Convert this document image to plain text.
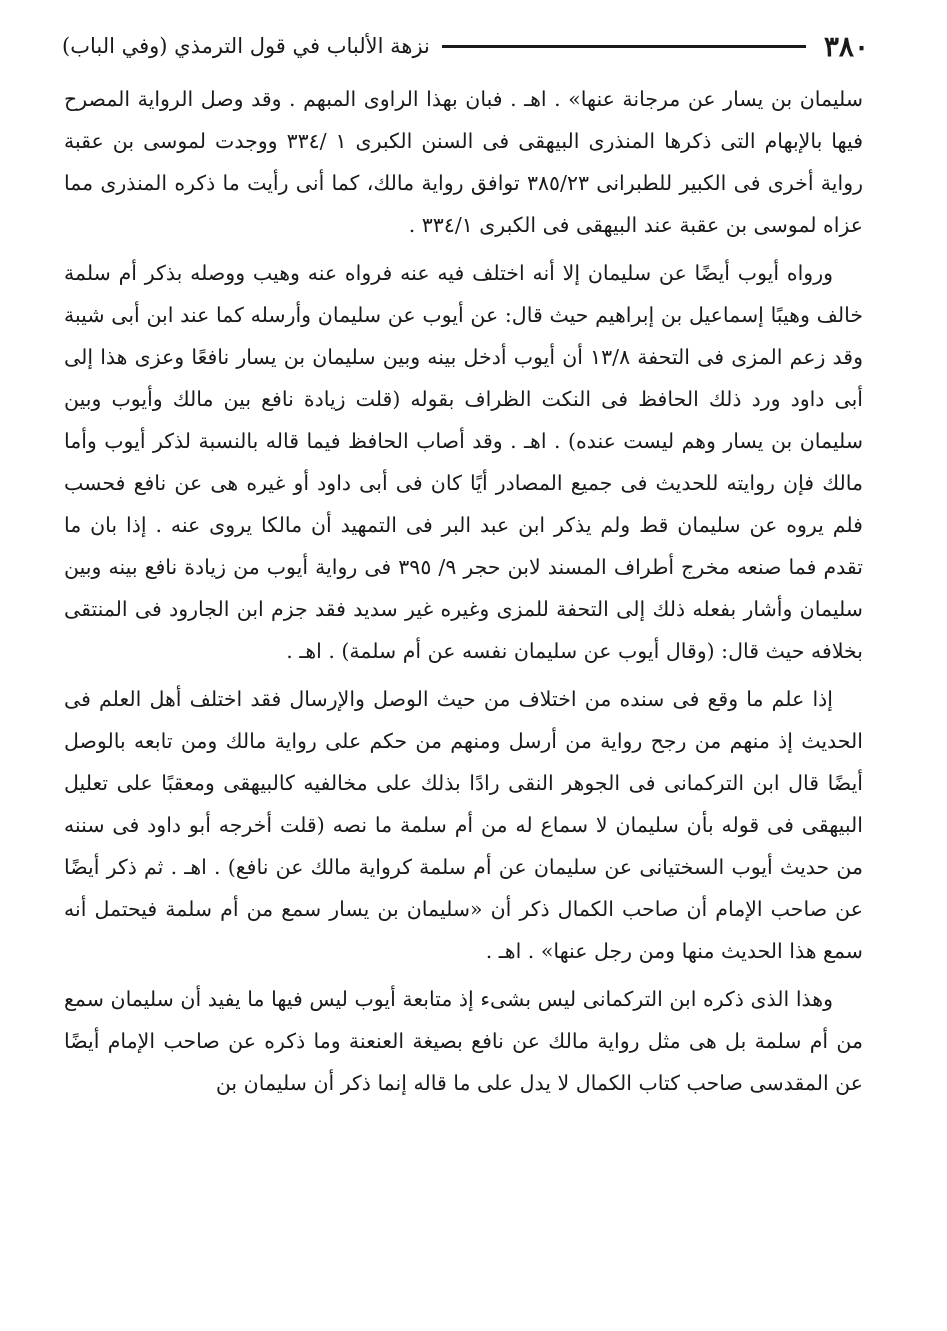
٣٨٠
نزهة الألباب في قول الترمذي (وفي الباب)

سليمان بن يسار عن مرجانة عنها» . اهـ . فبان بهذا الراوى المبهم . وقد وصل الرواية المصرح فيها بالإبهام التى ذكرها المنذرى البيهقى فى السنن الكبرى ١ /٣٣٤ ووجدت لموسى بن عقبة رواية أخرى فى الكبير للطبرانى ٣٨٥/٢٣ توافق رواية مالك، كما أنى رأيت ما ذكره المنذرى مما عزاه لموسى بن عقبة عند البيهقى فى الكبرى ٣٣٤/١ .

ورواه أيوب أيضًا عن سليمان إلا أنه اختلف فيه عنه فرواه عنه وهيب ووصله بذكر أم سلمة خالف وهيبًا إسماعيل بن إبراهيم حيث قال: عن أيوب عن سليمان وأرسله كما عند ابن أبى شيبة وقد زعم المزى فى التحفة ١٣/٨ أن أيوب أدخل بينه وبين سليمان بن يسار نافعًا وعزى هذا إلى أبى داود ورد ذلك الحافظ فى النكت الظراف بقوله (قلت زيادة نافع بين مالك وأيوب وبين سليمان بن يسار وهم ليست عنده) . اهـ . وقد أصاب الحافظ فيما قاله بالنسبة لذكر أيوب وأما مالك فإن روايته للحديث فى جميع المصادر أيًا كان فى أبى داود أو غيره هى عن نافع فحسب فلم يروه عن سليمان قط ولم يذكر ابن عبد البر فى التمهيد أن مالكا يروى عنه . إذا بان ما تقدم فما صنعه مخرج أطراف المسند لابن حجر ٩/ ٣٩٥ فى رواية أيوب من زيادة نافع بينه وبين سليمان وأشار بفعله ذلك إلى التحفة للمزى وغيره غير سديد فقد جزم ابن الجارود فى المنتقى بخلافه حيث قال: (وقال أيوب عن سليمان نفسه عن أم سلمة) . اهـ .

إذا علم ما وقع فى سنده من اختلاف من حيث الوصل والإرسال فقد اختلف أهل العلم فى الحديث إذ منهم من رجح رواية من أرسل ومنهم من حكم على رواية مالك ومن تابعه بالوصل أيضًا قال ابن التركمانى فى الجوهر النقى رادًا بذلك على مخالفيه كالبيهقى ومعقبًا على تعليل البيهقى فى قوله بأن سليمان لا سماع له من أم سلمة ما نصه (قلت أخرجه أبو داود فى سننه من حديث أيوب السختيانى عن سليمان عن أم سلمة كرواية مالك عن نافع) . اهـ . ثم ذكر أيضًا عن صاحب الإمام أن صاحب الكمال ذكر أن «سليمان بن يسار سمع من أم سلمة فيحتمل أنه سمع هذا الحديث منها ومن رجل عنها» . اهـ .

وهذا الذى ذكره ابن التركمانى ليس بشىء إذ متابعة أيوب ليس فيها ما يفيد أن سليمان سمع من أم سلمة بل هى مثل رواية مالك عن نافع بصيغة العنعنة وما ذكره عن صاحب الإمام أيضًا عن المقدسى صاحب كتاب الكمال لا يدل على ما قاله إنما ذكر أن سليمان بن
